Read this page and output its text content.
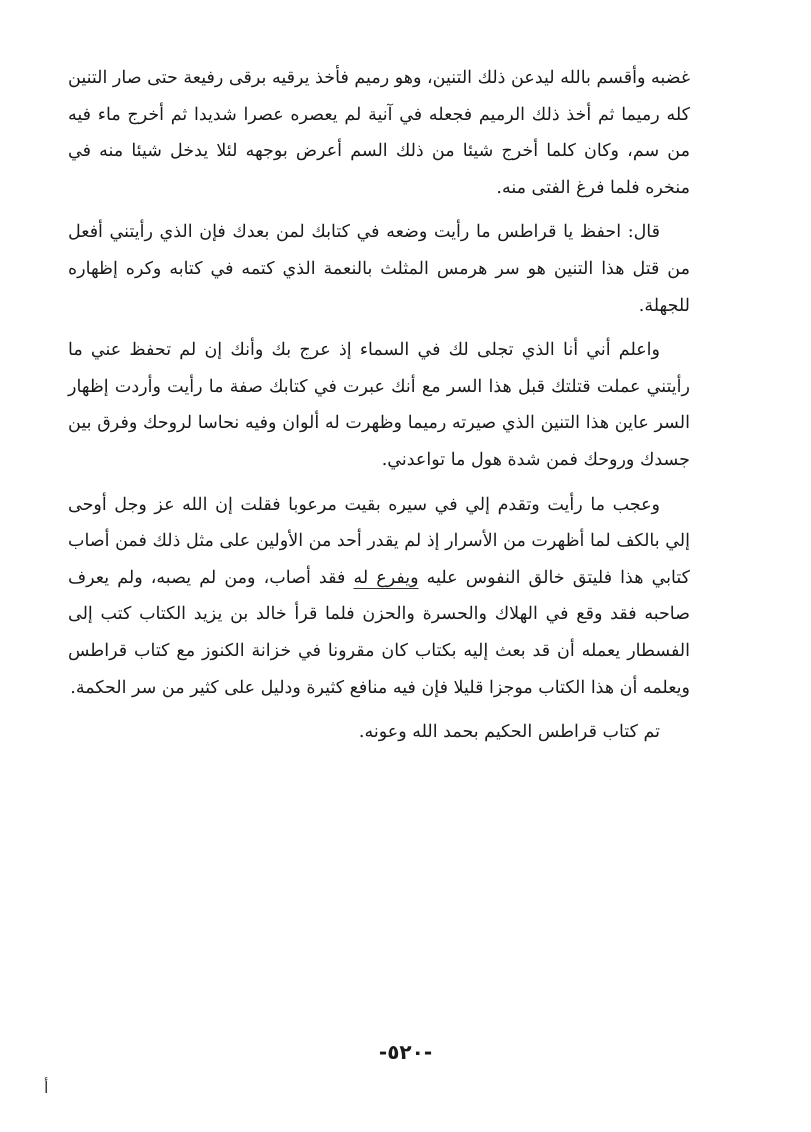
غضبه وأقسم بالله ليدعن ذلك التنين، وهو رميم فأخذ يرقيه برقى رفيعة حتى صار التنين كله رميما ثم أخذ ذلك الرميم فجعله في آنية لم يعصره عصرا شديدا ثم أخرج ماء فيه من سم، وكان كلما أخرج شيئا من ذلك السم أعرض بوجهه لئلا يدخل شيئا منه في منخره فلما فرغ الفتى منه.

قال: احفظ يا قراطس ما رأيت وضعه في كتابك لمن بعدك فإن الذي رأيتني أفعل من قتل هذا التنين هو سر هرمس المثلث بالنعمة الذي كتمه في كتابه وكره إظهاره للجهلة.

واعلم أني أنا الذي تجلى لك في السماء إذ عرج بك وأنك إن لم تحفظ عني ما رأيتني عملت قتلتك قبل هذا السر مع أنك عبرت في كتابك صفة ما رأيت وأردت إظهار السر عاين هذا التنين الذي صيرته رميما وظهرت له ألوان وفيه نحاسا لروحك وفرق بين جسدك وروحك فمن شدة هول ما تواعدني.

وعجب ما رأيت وتقدم إلي في سيره بقيت مرعوبا فقلت إن الله عز وجل أوحى إلي بالكف لما أظهرت من الأسرار إذ لم يقدر أحد من الأولين على مثل ذلك فمن أصاب كتابي هذا فليتق خالق النفوس عليه ويفرع له فقد أصاب، ومن لم يصبه، ولم يعرف صاحبه فقد وقع في الهلاك والحسرة والحزن فلما قرأ خالد بن يزيد الكتاب كتب إلى الفسطار يعمله أن قد بعث إليه بكتاب كان مقرونا في خزانة الكنوز مع كتاب قراطس ويعلمه أن هذا الكتاب موجزا قليلا فإن فيه منافع كثيرة ودليل على كثير من سر الحكمة.

تم كتاب قراطس الحكيم بحمد الله وعونه.

-٥٢٠-
أ
